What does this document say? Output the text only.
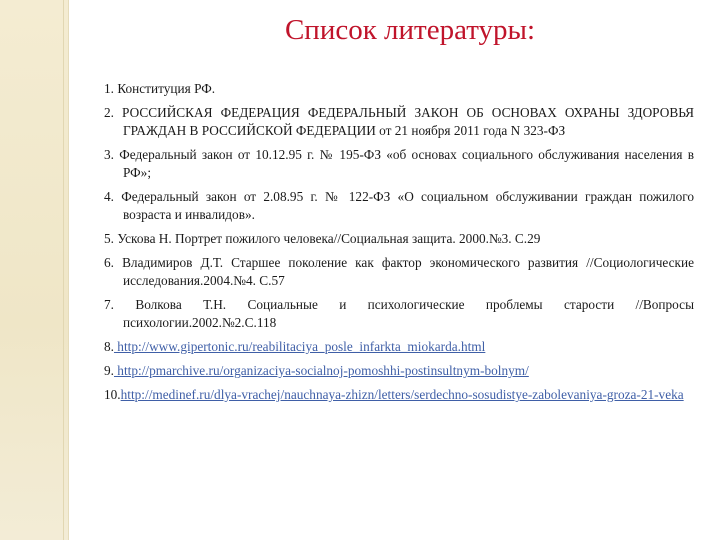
Список литературы:
1. Конституция РФ.
2. РОССИЙСКАЯ ФЕДЕРАЦИЯ ФЕДЕРАЛЬНЫЙ ЗАКОН ОБ ОСНОВАХ ОХРАНЫ ЗДОРОВЬЯ ГРАЖДАН В РОССИЙСКОЙ ФЕДЕРАЦИИ от 21 ноября 2011 года N 323-ФЗ
3. Федеральный закон от 10.12.95 г. № 195-ФЗ «об основах социального обслуживания населения в РФ»;
4. Федеральный закон от 2.08.95 г. № 122-ФЗ «О социальном обслуживании граждан пожилого возраста и инвалидов».
5. Ускова Н. Портрет пожилого человека//Социальная защита. 2000.№3. С.29
6. Владимиров Д.Т. Старшее поколение как фактор экономического развития //Социологические исследования.2004.№4. С.57
7. Волкова Т.Н. Социальные и психологические проблемы старости //Вопросы психологии.2002.№2.С.118
8. http://www.gipertonic.ru/reabilitaciya_posle_infarkta_miokarda.html
9. http://pmarchive.ru/organizaciya-socialnoj-pomoshhi-postinsultnym-bolnym/
10.http://medinef.ru/dlya-vrachej/nauchnaya-zhizn/letters/serdechno-sosudistye-zabolevaniya-groza-21-veka
